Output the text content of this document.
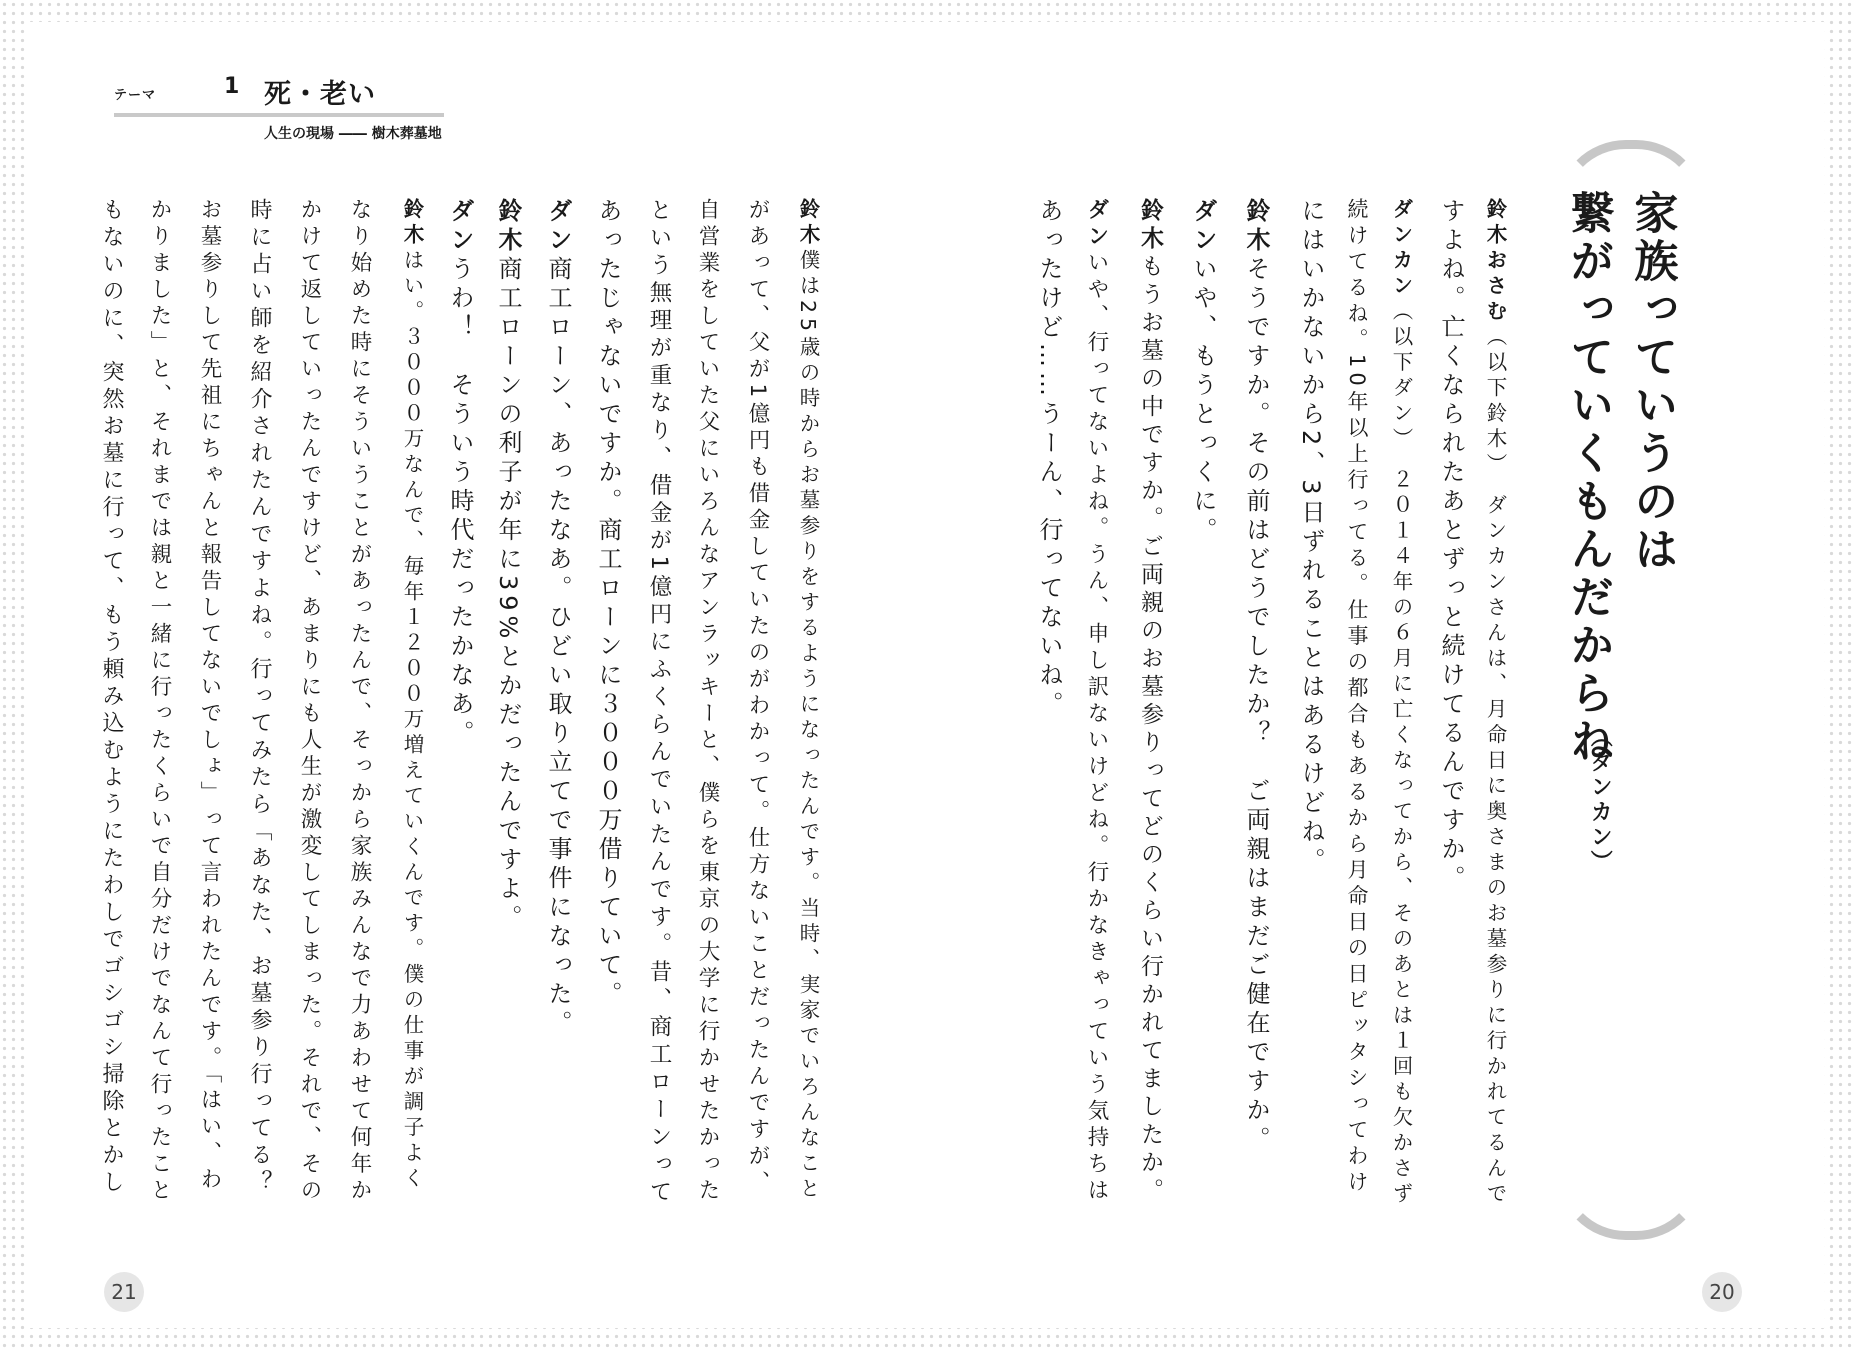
テーマ	1 死・老い
人生の現場 ―― 樹木葬墓地
家族っていうのは
繋がっていくもんだからね
（ダンカン）
鈴木おさむ（以下鈴木）　ダンカンさんは、月命日に奥さまのお墓参りに行かれてるんで
すよね。亡くなられたあとずっと続けてるんですか。
ダンカン（以下ダン）　２０１４年の６月に亡くなってから、そのあとは１回も欠かさず
続けてるね。10年以上行ってる。仕事の都合もあるから月命日の日ピッタシってわけ
にはいかないから2、3日ずれることはあるけどね。
鈴木そうですか。その前はどうでしたか？　ご両親はまだご健在ですか。
ダンいや、もうとっくに。
鈴木もうお墓の中ですか。ご両親のお墓参りってどのくらい行かれてましたか。
ダンいや、行ってないよね。うん、申し訳ないけどね。行かなきゃっていう気持ちは
あったけど……うーん、行ってないね。
鈴木僕は25歳の時からお墓参りをするようになったんです。当時、実家でいろんなこと
があって、父が1億円も借金していたのがわかって。仕方ないことだったんですが、
自営業をしていた父にいろんなアンラッキーと、僕らを東京の大学に行かせたかった
という無理が重なり、借金が1億円にふくらんでいたんです。昔、商工ローンって
あったじゃないですか。商工ローンに３０００万借りていて。
ダン商工ローン、あったなあ。ひどい取り立てで事件になった。
鈴木商工ローンの利子が年に39%とかだったんですよ。
ダンうわ！　そういう時代だったかなあ。
鈴木はい。３０００万なんで、毎年１２００万増えていくんです。僕の仕事が調子よく
なり始めた時にそういうことがあったんで、そっから家族みんなで力あわせて何年か
かけて返していったんですけど、あまりにも人生が激変してしまった。それで、その
時に占い師を紹介されたんですよね。行ってみたら「あなた、お墓参り行ってる？
お墓参りして先祖にちゃんと報告してないでしょ」って言われたんです。「はい、わ
かりました」と、それまでは親と一緒に行ったくらいで自分だけでなんて行ったこと
もないのに、突然お墓に行って、もう頼み込むようにたわしでゴシゴシ掃除とかし
21	20
